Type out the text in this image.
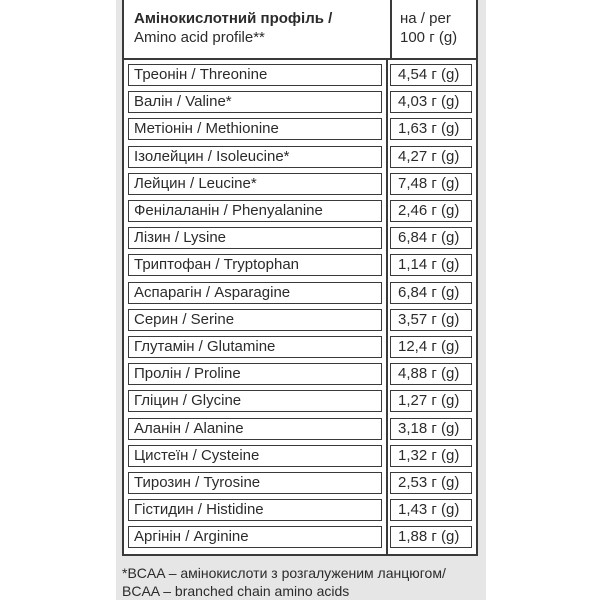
Амінокислотний профіль /
Amino acid profile**
на / per
100 г (g)
Треонін / Threonine	4,54 г (g)
Валін / Valine*	4,03 г (g)
Метіонін / Methionine	1,63 г (g)
Ізолейцин / Isoleucine*	4,27 г (g)
Лейцин / Leucine*	7,48 г (g)
Фенілаланін / Phenyalanine	2,46 г (g)
Лізин / Lysine	6,84 г (g)
Триптофан / Tryptophan	1,14 г (g)
Аспарагін / Asparagine	6,84 г (g)
Серин / Serine	3,57 г (g)
Глутамін / Glutamine	12,4 г (g)
Пролін / Proline	4,88 г (g)
Гліцин / Glycine	1,27 г (g)
Аланін / Alanine	3,18 г (g)
Цистеїн / Cysteine	1,32 г (g)
Тирозин / Tyrosine	2,53 г (g)
Гістидин / Histidine	1,43 г (g)
Аргінін / Arginine	1,88 г (g)
*BCAA – амінокислоти з розгалуженим ланцюгом/
BCAA – branched chain amino acids
